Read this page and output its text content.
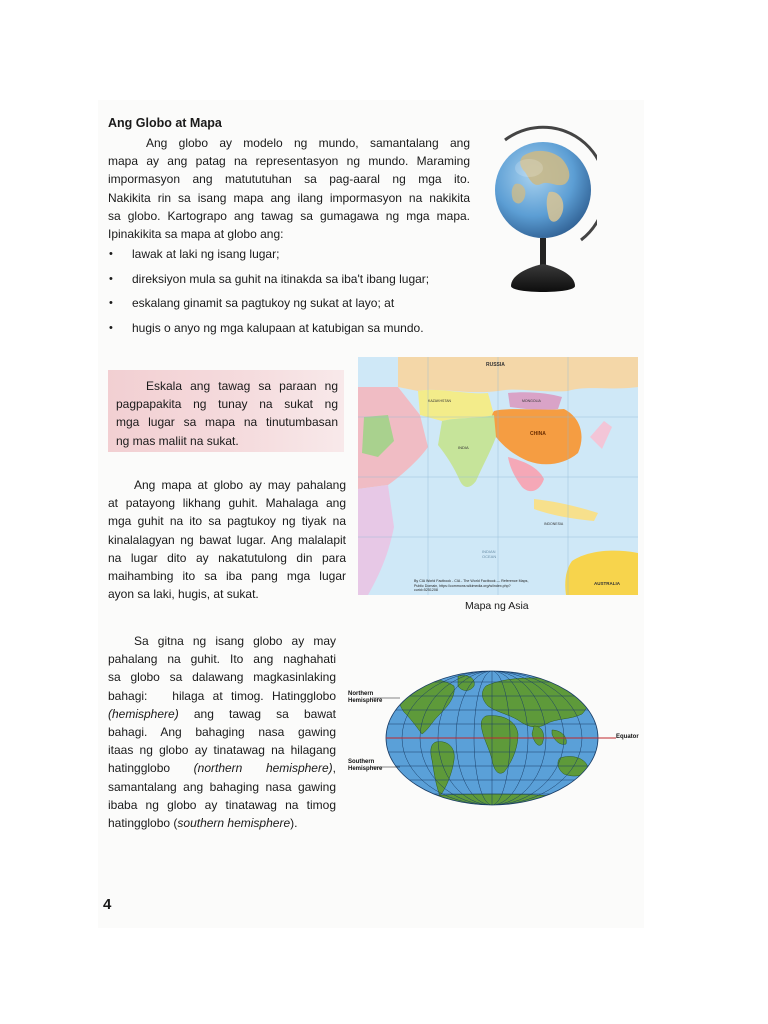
Ang Globo at Mapa
Ang globo ay modelo ng mundo, samantalang ang
mapa ay ang patag na representasyon ng mundo. Maraming
impormasyon ang matututuhan sa pag-aaral ng mga ito.
Nakikita rin sa isang mapa ang ilang impormasyon na nakikita
sa globo. Kartograpo ang tawag sa gumagawa ng mga mapa.
Ipinakikita sa mapa at globo ang:
• lawak at laki ng isang lugar;
• direksiyon mula sa guhit na itinakda sa iba't ibang lugar;
• eskalang ginamit sa pagtukoy ng sukat at layo; at
• hugis o anyo ng mga kalupaan at katubigan sa mundo.
Eskala ang tawag sa paraan ng
pagpapakita ng tunay na sukat ng
mga lugar sa mapa na tinutumbasan
ng mas maliit na sukat.
Ang mapa at globo ay may pahalang
at patayong likhang guhit. Mahalaga ang
mga guhit na ito sa pagtukoy ng tiyak na
kinalalagyan ng bawat lugar. Ang malalapit
na lugar dito ay nakatutulong din para
maihambing ito sa iba pang mga lugar
ayon sa laki, hugis, at sukat.
RUSSIA
KAZAKHSTAN	MONGOLIA
CHINA
INDIA
INDIAN OCEAN
INDONESIA
AUSTRALIA
By CIA World Factbook - CIA - The World Factbook — Reference Maps, Public Domain, https://commons.wikimedia.org/w/index.php?curid=5251208
Mapa ng Asia
Sa gitna ng isang globo ay may
pahalang na guhit. Ito ang naghahati
sa globo sa dalawang magkasinlaking
bahagi:   hilaga at timog. Hatingglobo
(hemisphere) ang tawag sa bawat
bahagi. Ang bahaging nasa gawing
itaas ng globo ay tinatawag na hilagang
hatingglobo (northern hemisphere),
samantalang ang bahaging nasa gawing
ibaba ng globo ay tinatawag na timog
hatingglobo (southern hemisphere).
Northern
Hemisphere
Southern
Hemisphere
Equator
4
